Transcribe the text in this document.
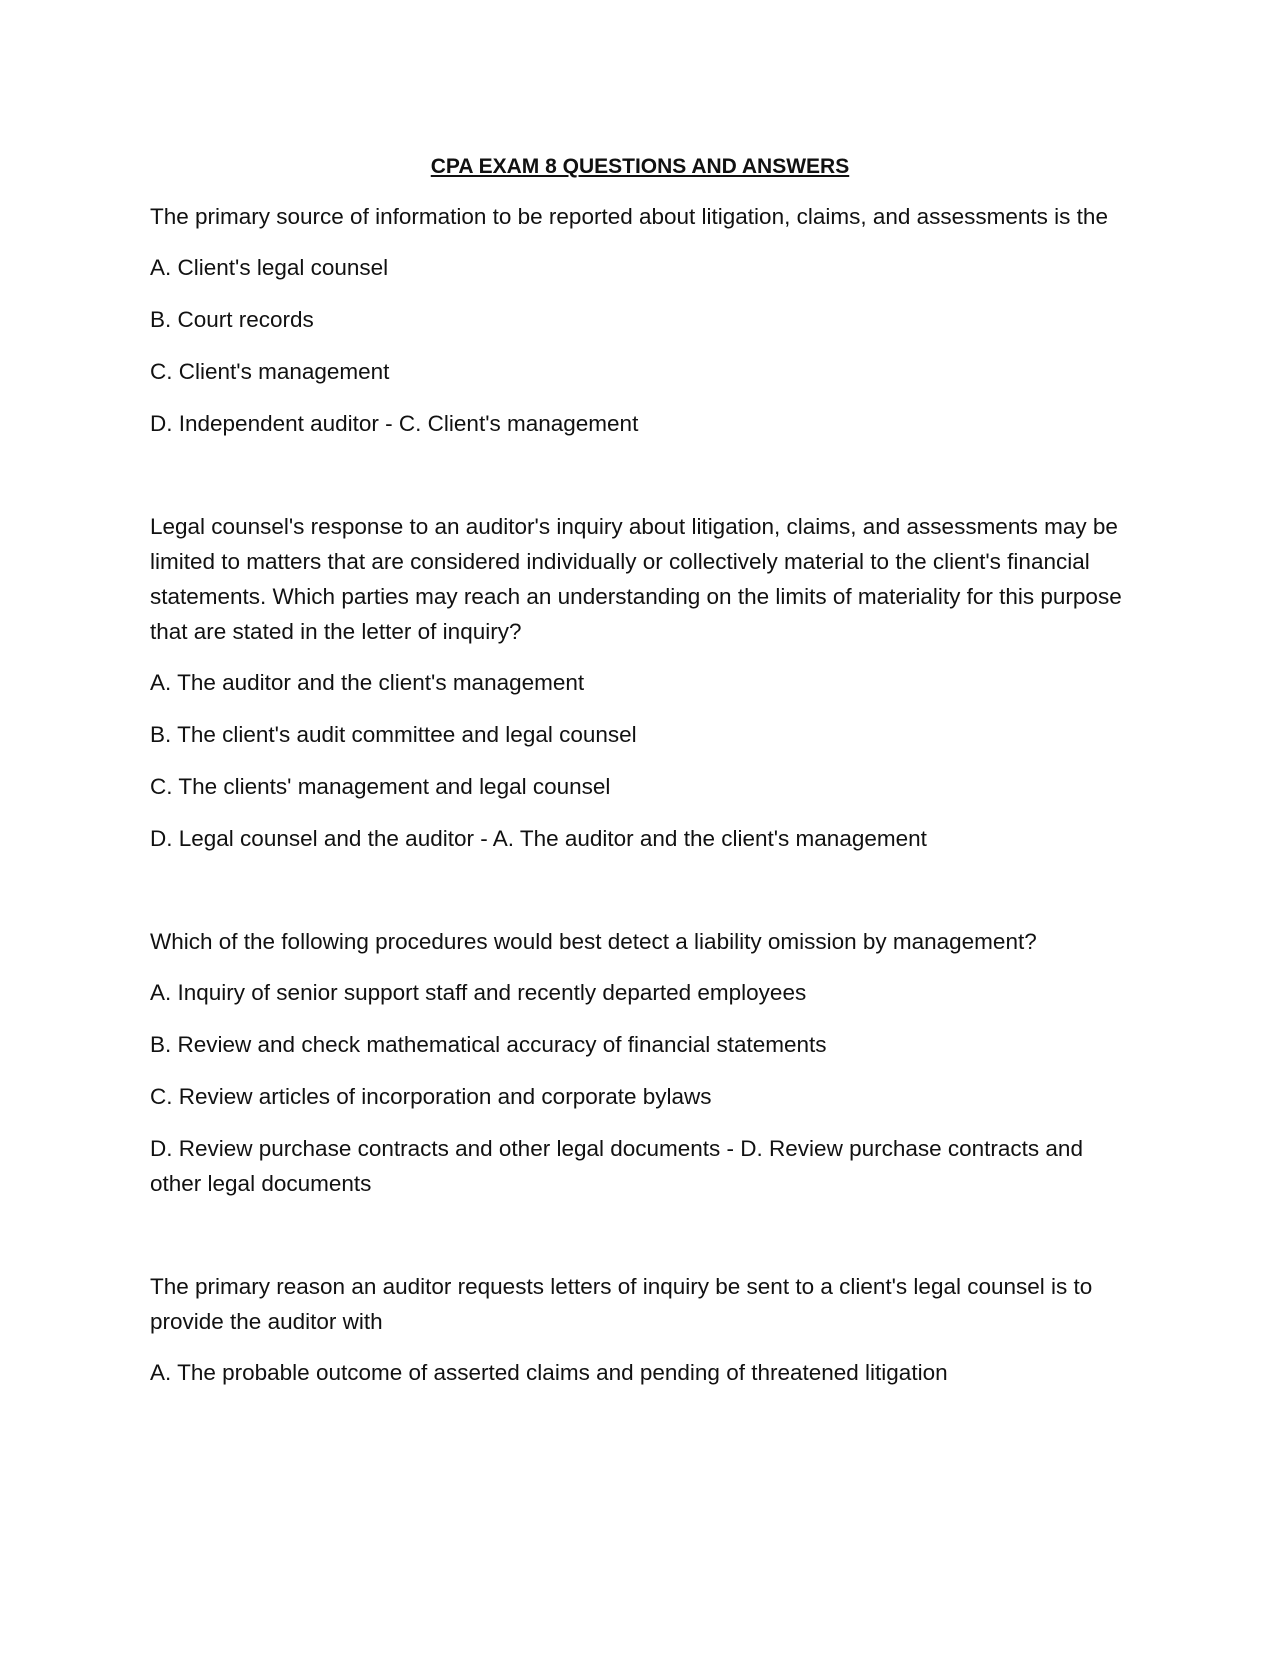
CPA EXAM 8 QUESTIONS AND ANSWERS

The primary source of information to be reported about litigation, claims, and assessments is the

A. Client's legal counsel

B. Court records

C. Client's management

D. Independent auditor - C. Client's management

Legal counsel's response to an auditor's inquiry about litigation, claims, and assessments may be limited to matters that are considered individually or collectively material to the client's financial statements. Which parties may reach an understanding on the limits of materiality for this purpose that are stated in the letter of inquiry?

A. The auditor and the client's management

B. The client's audit committee and legal counsel

C. The clients' management and legal counsel

D. Legal counsel and the auditor - A. The auditor and the client's management

Which of the following procedures would best detect a liability omission by management?

A. Inquiry of senior support staff and recently departed employees

B. Review and check mathematical accuracy of financial statements

C. Review articles of incorporation and corporate bylaws

D. Review purchase contracts and other legal documents - D. Review purchase contracts and other legal documents

The primary reason an auditor requests letters of inquiry be sent to a client's legal counsel is to provide the auditor with

A. The probable outcome of asserted claims and pending of threatened litigation
